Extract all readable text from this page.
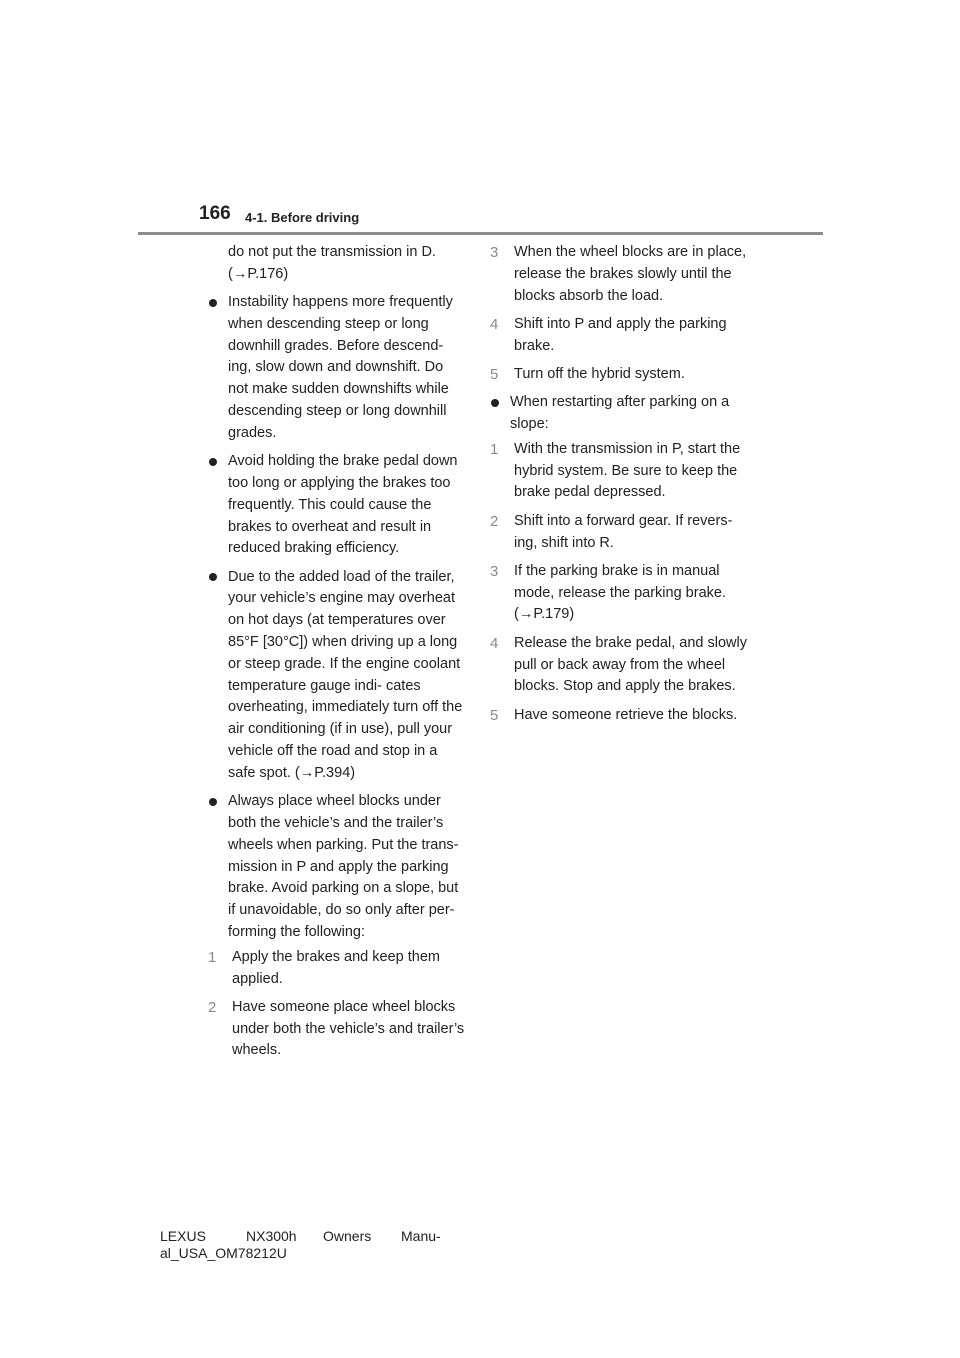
166 4-1. Before driving
do not put the transmission in D.
(→P.176)
Instability happens more frequently when descending steep or long downhill grades. Before descend- ing, slow down and downshift. Do not make sudden downshifts while descending steep or long downhill grades.
Avoid holding the brake pedal down too long or applying the brakes too frequently. This could cause the brakes to overheat and result in reduced braking efficiency.
Due to the added load of the trailer, your vehicle’s engine may overheat on hot days (at temperatures over 85°F [30°C]) when driving up a long or steep grade. If the engine coolant temperature gauge indi- cates overheating, immediately turn off the air conditioning (if in use), pull your vehicle off the road and stop in a safe spot. (→P.394)
Always place wheel blocks under both the vehicle’s and the trailer’s wheels when parking. Put the trans- mission in P and apply the parking brake. Avoid parking on a slope, but if unavoidable, do so only after per- forming the following:
1 Apply the brakes and keep them applied.
2 Have someone place wheel blocks under both the vehicle’s and trailer’s wheels.
3 When the wheel blocks are in place, release the brakes slowly until the blocks absorb the load.
4 Shift into P and apply the parking brake.
5 Turn off the hybrid system.
When restarting after parking on a slope:
1 With the transmission in P, start the hybrid system. Be sure to keep the brake pedal depressed.
2 Shift into a forward gear. If revers- ing, shift into R.
3 If the parking brake is in manual mode, release the parking brake. (→P.179)
4 Release the brake pedal, and slowly pull or back away from the wheel blocks. Stop and apply the brakes.
5 Have someone retrieve the blocks.
LEXUS	NX300h Owners Manu-
al_USA_OM78212U
